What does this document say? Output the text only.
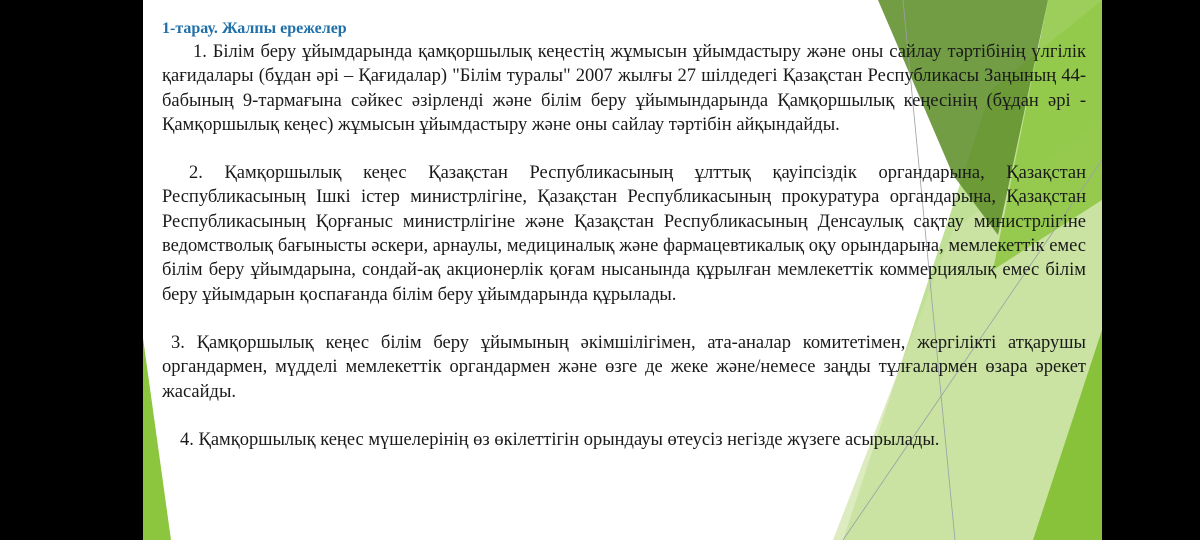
1-тарау. Жалпы ережелер

1. Білім беру ұйымдарында қамқоршылық кеңестің жұмысын ұйымдастыру және оны сайлау тәртібінің үлгілік қағидалары (бұдан әрі – Қағидалар) "Білім туралы" 2007 жылғы 27 шілдедегі Қазақстан Республикасы Заңының 44-бабының 9-тармағына сәйкес әзірленді және білім беру ұйымындарында Қамқоршылық кеңесінің (бұдан әрі - Қамқоршылық кеңес) жұмысын ұйымдастыру және оны сайлау тәртібін айқындайды.

2. Қамқоршылық кеңес Қазақстан Республикасының ұлттық қауіпсіздік органдарына, Қазақстан Республикасының Ішкі істер министрлігіне, Қазақстан Республикасының прокуратура органдарына, Қазақстан Республикасының Қорғаныс министрлігіне және Қазақстан Республикасының Денсаулық сақтау министрлігіне ведомстволық бағынысты әскери, арнаулы, медициналық және фармацевтикалық оқу орындарына, мемлекеттік емес білім беру ұйымдарына, сондай-ақ акционерлік қоғам нысанында құрылған мемлекеттік коммерциялық емес білім беру ұйымдарын қоспағанда білім беру ұйымдарында құрылады.

3. Қамқоршылық кеңес білім беру ұйымының әкімшілігімен, ата-аналар комитетімен, жергілікті атқарушы органдармен, мүдделі мемлекеттік органдармен және өзге де жеке және/немесе заңды тұлғалармен өзара әрекет жасайды.

4. Қамқоршылық кеңес мүшелерінің өз өкілеттігін орындауы өтеусіз негізде жүзеге асырылады.
